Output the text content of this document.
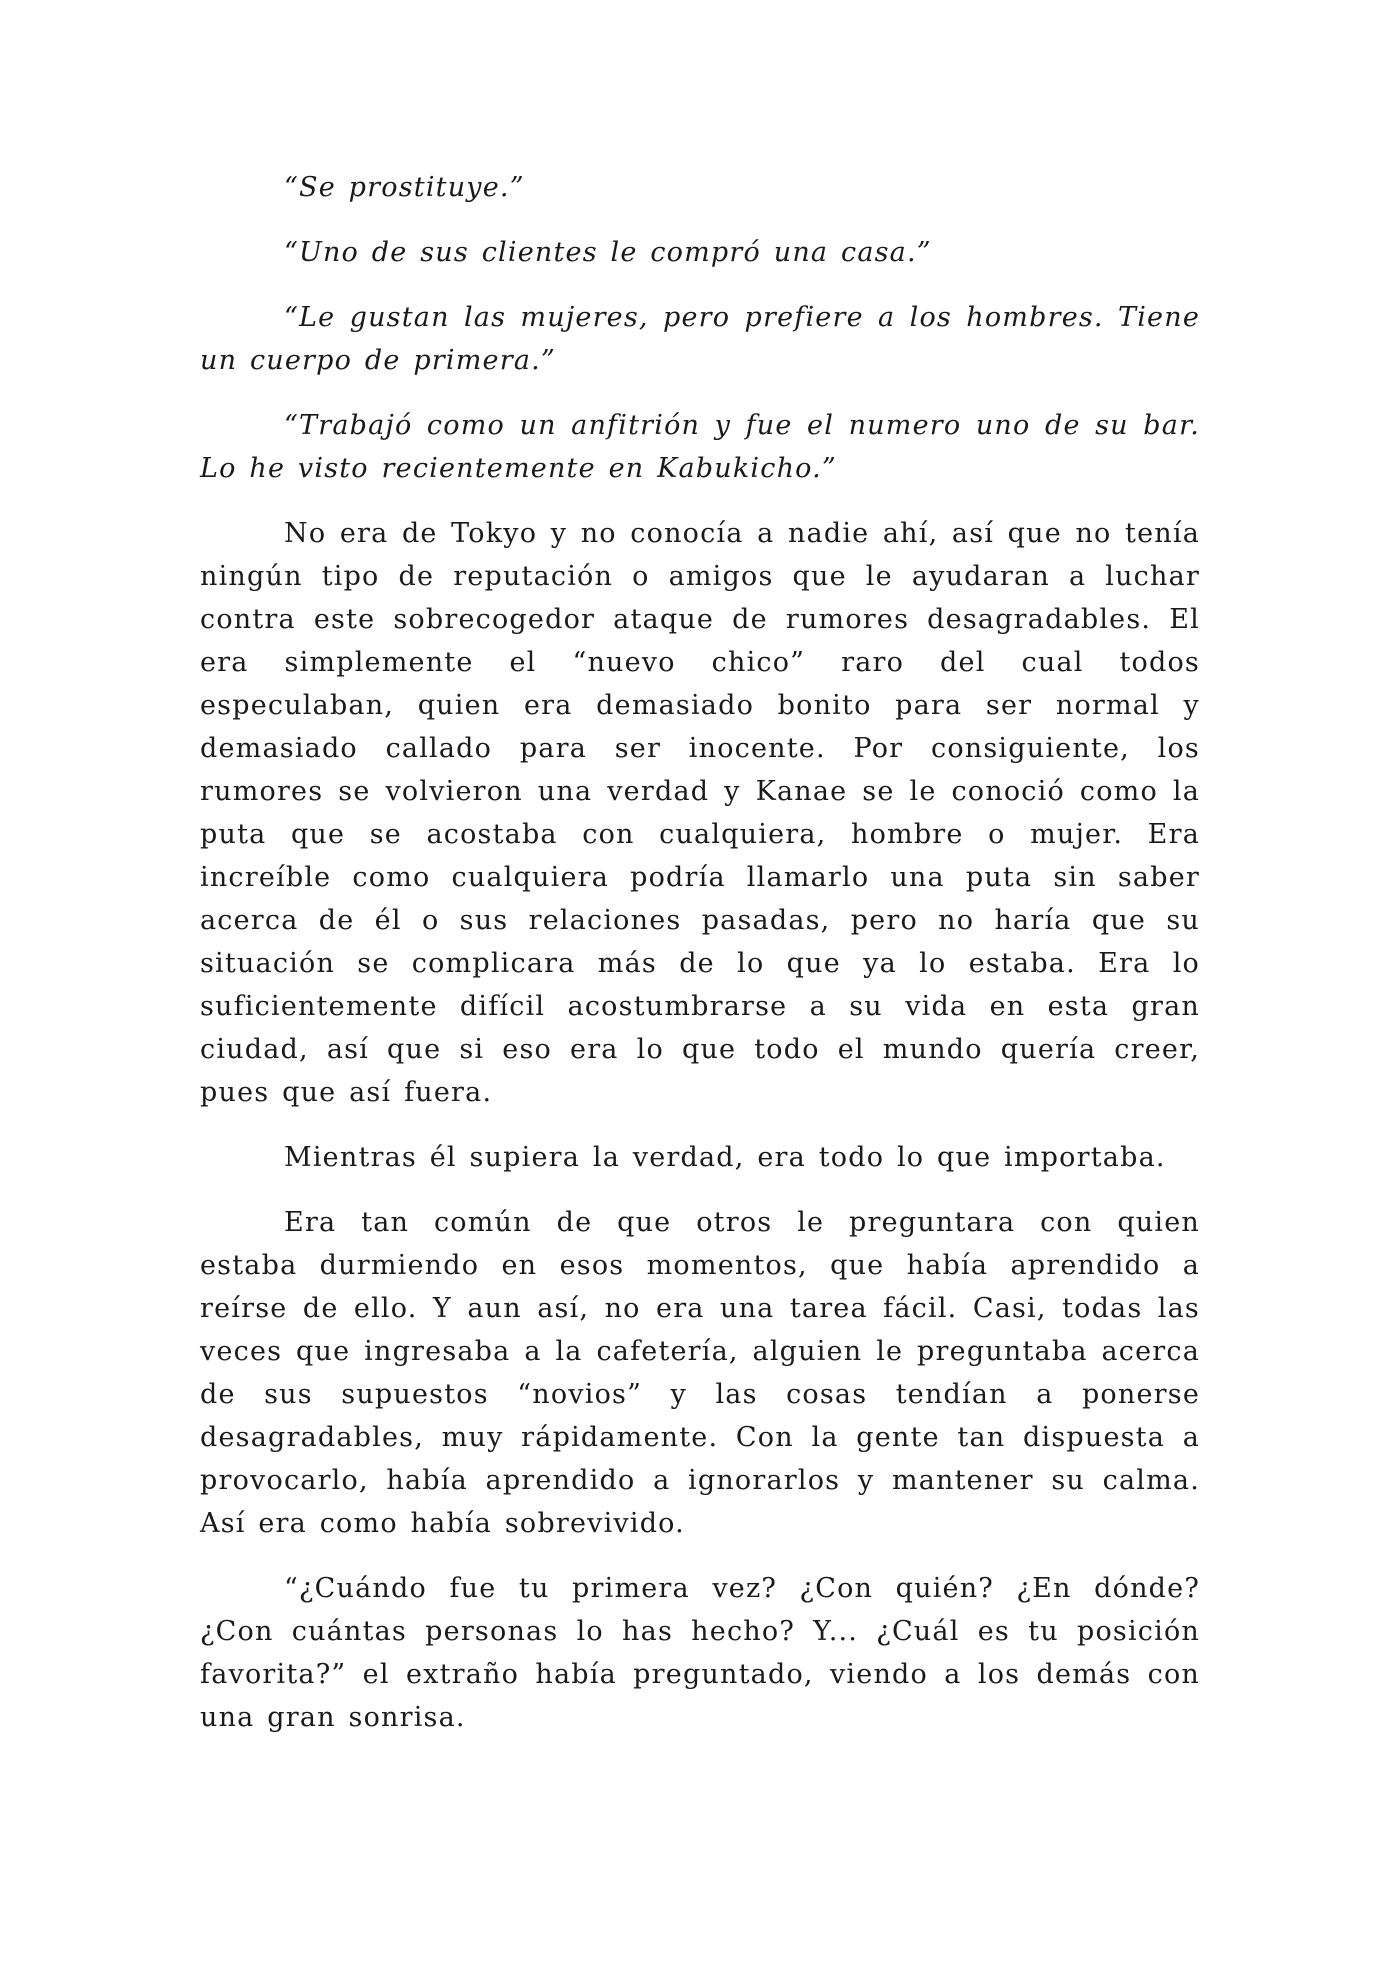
“Se prostituye.”

“Uno de sus clientes le compró una casa.”

“Le gustan las mujeres, pero prefiere a los hombres. Tiene un cuerpo de primera.”

“Trabajó como un anfitrión y fue el numero uno de su bar. Lo he visto recientemente en Kabukicho.”

No era de Tokyo y no conocía a nadie ahí, así que no tenía ningún tipo de reputación o amigos que le ayudaran a luchar contra este sobrecogedor ataque de rumores desagradables. El era simplemente el “nuevo chico” raro del cual todos especulaban, quien era demasiado bonito para ser normal y demasiado callado para ser inocente. Por consiguiente, los rumores se volvieron una verdad y Kanae se le conoció como la puta que se acostaba con cualquiera, hombre o mujer. Era increíble como cualquiera podría llamarlo una puta sin saber acerca de él o sus relaciones pasadas, pero no haría que su situación se complicara más de lo que ya lo estaba. Era lo suficientemente difícil acostumbrarse a su vida en esta gran ciudad, así que si eso era lo que todo el mundo quería creer, pues que así fuera.

Mientras él supiera la verdad, era todo lo que importaba.

Era tan común de que otros le preguntara con quien estaba durmiendo en esos momentos, que había aprendido a reírse de ello. Y aun así, no era una tarea fácil. Casi, todas las veces que ingresaba a la cafetería, alguien le preguntaba acerca de sus supuestos “novios” y las cosas tendían a ponerse desagradables, muy rápidamente. Con la gente tan dispuesta a provocarlo, había aprendido a ignorarlos y mantener su calma. Así era como había sobrevivido.

“¿Cuándo fue tu primera vez? ¿Con quién? ¿En dónde? ¿Con cuántas personas lo has hecho? Y... ¿Cuál es tu posición favorita?” el extraño había preguntado, viendo a los demás con una gran sonrisa.
